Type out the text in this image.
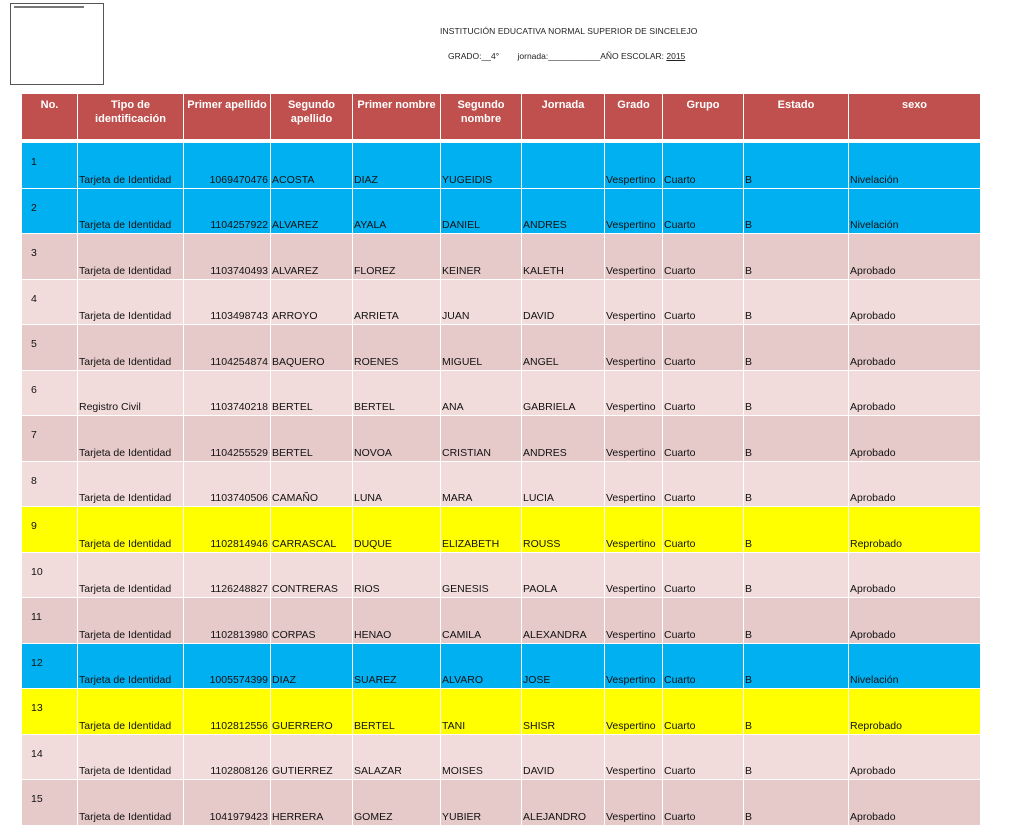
INSTITUCIÓN EDUCATIVA NORMAL SUPERIOR DE SINCELEJO
GRADO:__4° jornada:___________AÑO ESCOLAR: 2015
No.	Tipo de identificación	Primer apellido	Segundo apellido	Primer nombre	Segundo nombre	Jornada	Grado	Grupo	Estado	sexo

1	Tarjeta de Identidad	1069470476	ACOSTA	DIAZ	YUGEIDIS		Vespertino	Cuarto	B	Nivelación
2	Tarjeta de Identidad	1104257922	ALVAREZ	AYALA	DANIEL	ANDRES	Vespertino	Cuarto	B	Nivelación
3	Tarjeta de Identidad	1103740493	ALVAREZ	FLOREZ	KEINER	KALETH	Vespertino	Cuarto	B	Aprobado
4	Tarjeta de Identidad	1103498743	ARROYO	ARRIETA	JUAN	DAVID	Vespertino	Cuarto	B	Aprobado
5	Tarjeta de Identidad	1104254874	BAQUERO	ROENES	MIGUEL	ANGEL	Vespertino	Cuarto	B	Aprobado
6	Registro Civil	1103740218	BERTEL	BERTEL	ANA	GABRIELA	Vespertino	Cuarto	B	Aprobado
7	Tarjeta de Identidad	1104255529	BERTEL	NOVOA	CRISTIAN	ANDRES	Vespertino	Cuarto	B	Aprobado
8	Tarjeta de Identidad	1103740506	CAMAÑO	LUNA	MARA	LUCIA	Vespertino	Cuarto	B	Aprobado
9	Tarjeta de Identidad	1102814946	CARRASCAL	DUQUE	ELIZABETH	ROUSS	Vespertino	Cuarto	B	Reprobado
10	Tarjeta de Identidad	1126248827	CONTRERAS	RIOS	GENESIS	PAOLA	Vespertino	Cuarto	B	Aprobado
11	Tarjeta de Identidad	1102813980	CORPAS	HENAO	CAMILA	ALEXANDRA	Vespertino	Cuarto	B	Aprobado
12	Tarjeta de Identidad	1005574399	DIAZ	SUAREZ	ALVARO	JOSE	Vespertino	Cuarto	B	Nivelación
13	Tarjeta de Identidad	1102812556	GUERRERO	BERTEL	TANI	SHISR	Vespertino	Cuarto	B	Reprobado
14	Tarjeta de Identidad	1102808126	GUTIERREZ	SALAZAR	MOISES	DAVID	Vespertino	Cuarto	B	Aprobado
15	Tarjeta de Identidad	1041979423	HERRERA	GOMEZ	YUBIER	ALEJANDRO	Vespertino	Cuarto	B	Aprobado
